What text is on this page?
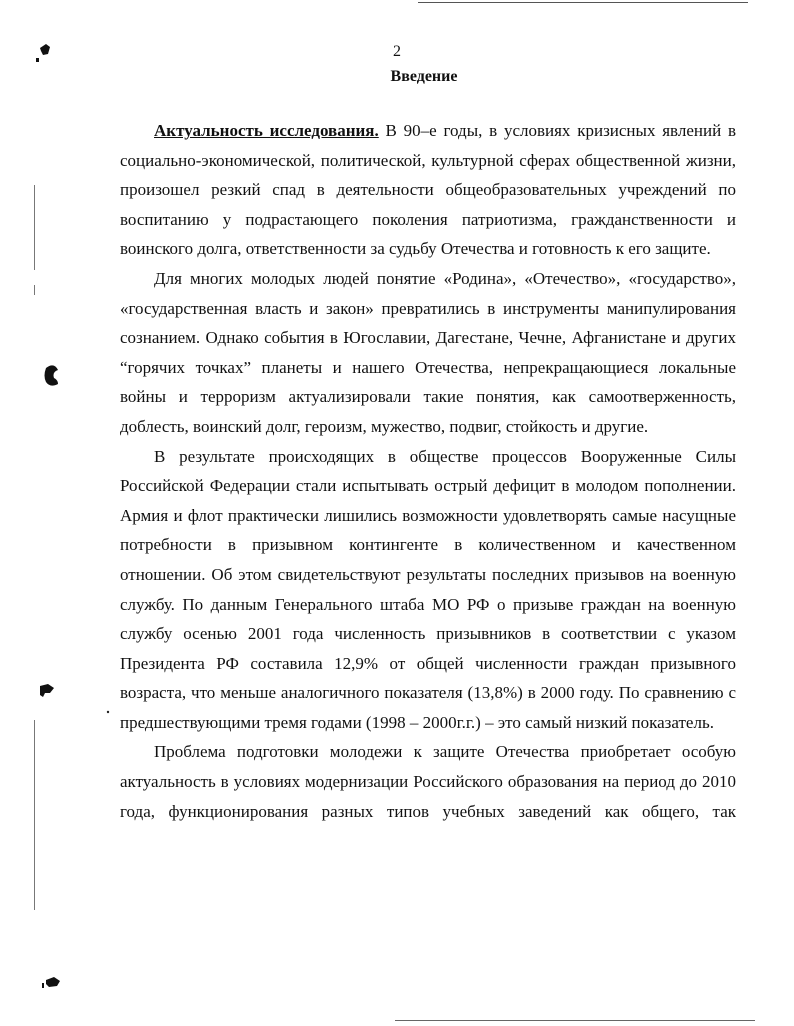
2
Введение

Актуальность исследования. В 90–е годы, в условиях кризисных явлений в социально-экономической, политической, культурной сферах общественной жизни, произошел резкий спад в деятельности общеобразовательных учреждений по воспитанию у подрастающего поколения патриотизма, гражданственности и воинского долга, ответственности за судьбу Отечества и готовность к его защите.

Для многих молодых людей понятие «Родина», «Отечество», «государство», «государственная власть и закон» превратились в инструменты манипулирования сознанием. Однако события в Югославии, Дагестане, Чечне, Афганистане и других “горячих точках” планеты и нашего Отечества, непрекращающиеся локальные войны и терроризм актуализировали такие понятия, как самоотверженность, доблесть, воинский долг, героизм, мужество, подвиг, стойкость и другие.

В результате происходящих в обществе процессов Вооруженные Силы Российской Федерации стали испытывать острый дефицит в молодом пополнении. Армия и флот практически лишились возможности удовлетворять самые насущные потребности в призывном контингенте в количественном и качественном отношении. Об этом свидетельствуют результаты последних призывов на военную службу. По данным Генерального штаба МО РФ о призыве граждан на военную службу осенью 2001 года численность призывников в соответствии с указом Президента РФ составила 12,9% от общей численности граждан призывного возраста, что меньше аналогичного показателя (13,8%) в 2000 году. По сравнению с предшествующими тремя годами (1998 – 2000г.г.) – это самый низкий показатель.

Проблема подготовки молодежи к защите Отечества приобретает особую актуальность в условиях модернизации Российского образования на период до 2010 года, функционирования разных типов учебных заведений как общего, так
